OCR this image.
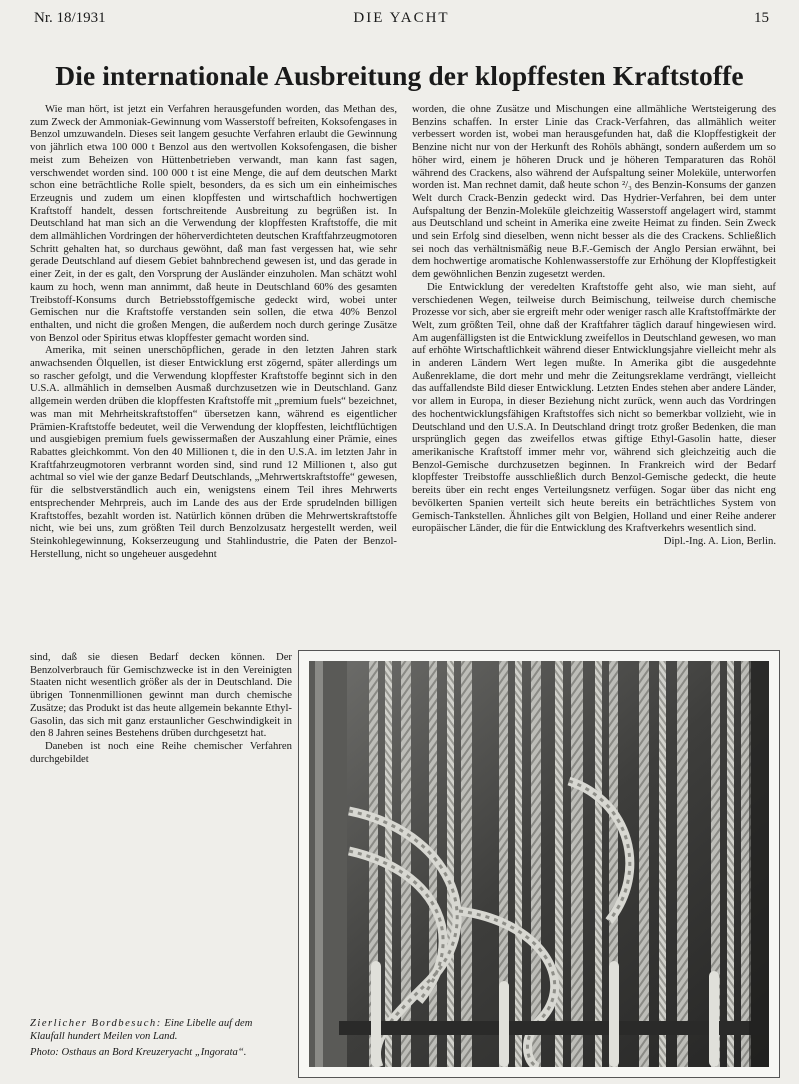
Nr. 18/1931	DIE YACHT	15
Die internationale Ausbreitung der klopffesten Kraftstoffe

Wie man hört, ist jetzt ein Verfahren herausgefunden worden, das Methan des, zum Zweck der Ammoniak-Gewinnung vom Wasserstoff befreiten, Koksofengases in Benzol umzuwandeln. Dieses seit langem gesuchte Verfahren erlaubt die Gewinnung von jährlich etwa 100 000 t Benzol aus den wertvollen Koksofengasen, die bisher meist zum Beheizen von Hüttenbetrieben verwandt, man kann fast sagen, verschwendet worden sind. 100 000 t ist eine Menge, die auf dem deutschen Markt schon eine beträchtliche Rolle spielt, besonders, da es sich um ein einheimisches Erzeugnis und zudem um einen klopffesten und wirtschaftlich hochwertigen Kraftstoff handelt, dessen fortschreitende Ausbreitung zu begrüßen ist. In Deutschland hat man sich an die Verwendung der klopffesten Kraftstoffe, die mit dem allmählichen Vordringen der höherverdichteten deutschen Kraftfahrzeugmotoren Schritt gehalten hat, so durchaus gewöhnt, daß man fast vergessen hat, wie sehr gerade Deutschland auf diesem Gebiet bahnbrechend gewesen ist, und das gerade in einer Zeit, in der es galt, den Vorsprung der Ausländer einzuholen. Man schätzt wohl kaum zu hoch, wenn man annimmt, daß heute in Deutschland 60% des gesamten Treibstoff-Konsums durch Betriebsstoffgemische gedeckt wird, wobei unter Gemischen nur die Kraftstoffe verstanden sein sollen, die etwa 40% Benzol enthalten, und nicht die großen Mengen, die außerdem noch durch geringe Zusätze von Benzol oder Spiritus etwas klopffester gemacht worden sind.

Amerika, mit seinen unerschöpflichen, gerade in den letzten Jahren stark anwachsenden Ölquellen, ist dieser Entwicklung erst zögernd, später allerdings um so rascher gefolgt, und die Verwendung klopffester Kraftstoffe beginnt sich in den U.S.A. allmählich in demselben Ausmaß durchzusetzen wie in Deutschland. Ganz allgemein werden drüben die klopffesten Kraftstoffe mit „premium fuels“ bezeichnet, was man mit Mehrheitskraftstoffen“ übersetzen kann, während es eigentlicher Prämien-Kraftstoffe bedeutet, weil die Verwendung der klopffesten, leichtflüchtigen und ausgiebigen premium fuels gewissermaßen der Auszahlung einer Prämie, eines Rabattes gleichkommt. Von den 40 Millionen t, die in den U.S.A. im letzten Jahr in Kraftfahrzeugmotoren verbrannt worden sind, sind rund 12 Millionen t, also gut achtmal so viel wie der ganze Bedarf Deutschlands, „Mehrwertskraftstoffe“ gewesen, für die selbstverständlich auch ein, wenigstens einem Teil ihres Mehrwerts entsprechender Mehrpreis, auch im Lande des aus der Erde sprudelnden billigen Kraftstoffes, bezahlt worden ist. Natürlich können drüben die Mehrwertskraftstoffe nicht, wie bei uns, zum größten Teil durch Benzolzusatz hergestellt werden, weil Steinkohlegewinnung, Kokserzeugung und Stahlindustrie, die Paten der Benzol-Herstellung, nicht so ungeheuer ausgedehnt

sind, daß sie diesen Bedarf decken können. Der Benzolverbrauch für Gemischzwecke ist in den Vereinigten Staaten nicht wesentlich größer als der in Deutschland. Die übrigen Tonnenmillionen gewinnt man durch chemische Zusätze; das Produkt ist das heute allgemein bekannte Ethyl-Gasolin, das sich mit ganz erstaunlicher Geschwindigkeit in den 8 Jahren seines Bestehens drüben durchgesetzt hat.

Daneben ist noch eine Reihe chemischer Verfahren durchgebildet

worden, die ohne Zusätze und Mischungen eine allmähliche Wertsteigerung des Benzins schaffen. In erster Linie das Crack-Verfahren, das allmählich weiter verbessert worden ist, wobei man herausgefunden hat, daß die Klopffestigkeit der Benzine nicht nur von der Herkunft des Rohöls abhängt, sondern außerdem um so höher wird, einem je höheren Druck und je höheren Temparaturen das Rohöl während des Crackens, also während der Aufspaltung seiner Moleküle, unterworfen worden ist. Man rechnet damit, daß heute schon ²/₃ des Benzin-Konsums der ganzen Welt durch Crack-Benzin gedeckt wird. Das Hydrier-Verfahren, bei dem unter Aufspaltung der Benzin-Moleküle gleichzeitig Wasserstoff angelagert wird, stammt aus Deutschland und scheint in Amerika eine zweite Heimat zu finden. Sein Zweck und sein Erfolg sind dieselben, wenn nicht besser als die des Crackens. Schließlich sei noch das verhältnismäßig neue B.F.-Gemisch der Anglo Persian erwähnt, bei dem hochwertige aromatische Kohlenwasserstoffe zur Erhöhung der Klopffestigkeit dem gewöhnlichen Benzin zugesetzt werden.

Die Entwicklung der veredelten Kraftstoffe geht also, wie man sieht, auf verschiedenen Wegen, teilweise durch Beimischung, teilweise durch chemische Prozesse vor sich, aber sie ergreift mehr oder weniger rasch alle Kraftstoffmärkte der Welt, zum größten Teil, ohne daß der Kraftfahrer täglich darauf hingewiesen wird. Am augenfälligsten ist die Entwicklung zweifellos in Deutschland gewesen, wo man auf erhöhte Wirtschaftlichkeit während dieser Entwicklungsjahre vielleicht mehr als in anderen Ländern Wert legen mußte. In Amerika gibt die ausgedehnte Außenreklame, die dort mehr und mehr die Zeitungsreklame verdrängt, vielleicht das auffallendste Bild dieser Entwicklung. Letzten Endes stehen aber andere Länder, vor allem in Europa, in dieser Beziehung nicht zurück, wenn auch das Vordringen des hochentwicklungsfähigen Kraftstoffes sich nicht so bemerkbar vollzieht, wie in Deutschland und den U.S.A. In Deutschland dringt trotz großer Bedenken, die man ursprünglich gegen das zweifellos etwas giftige Ethyl-Gasolin hatte, dieser amerikanische Kraftstoff immer mehr vor, während sich gleichzeitig auch die Benzol-Gemische durchzusetzen beginnen. In Frankreich wird der Bedarf klopffester Treibstoffe ausschließlich durch Benzol-Gemische gedeckt, die heute bereits über ein recht enges Verteilungsnetz verfügen. Sogar über das nicht eng bevölkerten Spanien verteilt sich heute bereits ein beträchtliches System von Gemisch-Tankstellen. Ähnliches gilt von Belgien, Holland und einer Reihe anderer europäischer Länder, die für die Entwicklung des Kraftverkehrs wesentlich sind.

Dipl.-Ing. A. Lion, Berlin.

Zierlicher Bordbesuch: Eine Libelle auf dem Klaufall hundert Meilen von Land.

Photo: Osthaus an Bord Kreuzeryacht „Ingorata“.
